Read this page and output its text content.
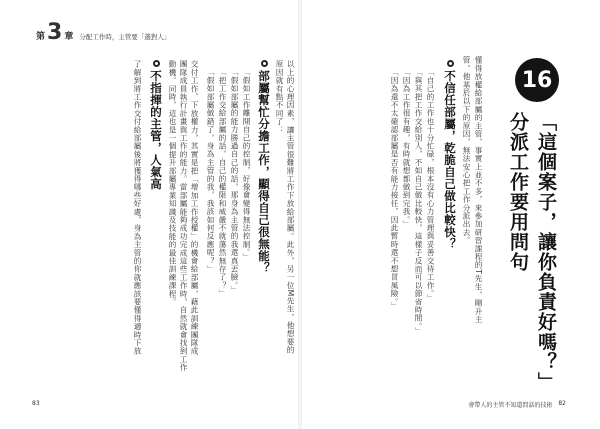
第 3 章 分配工作時，主管要「選對人」
以上的心理因素，讓主管很難將工作下放給部屬。此外，另一位M先生，他想要的
原因就有點不同了：
部屬幫忙分擔工作，顯得自己很無能？
「假如工作離開自己的控制，好像會變得無法控制。」
「假如部屬的能力勝過自己的話，那身為主管的我還真丟臉。」
「把工作交給部屬的話，自己的權限和威嚴不就蕩然無存了？」
「假如部屬做錯了，身為主管的我，我該如何反應呢？」
交付工作、下放權力，其實是把「增加工作授權」的機會給部屬，藉此訓練團隊成
團隊成員執行計畫與工作的能力。當部屬能夠成功完成這些工作時，自然就會找到工作
動機。同時，這也是一個提升部屬專業知識及技能的最佳訓練課程。
不指揮的主管，人氣高
了解到將工作交付給部屬後將獲得哪些好處，身為主管的你就應該要懂得適時下放
83
16
「這個案子，讓你負責好嗎？」
分派工作要用問句
懂得放權給部屬的主管，事實上並不多，來參加研習課程的T先生，剛升主
管，他基於以下的原因，無法安心把工作分派出去。
不信任部屬，乾脆自己做比較快？
「自己的工作也十分忙碌，根本沒有心力管理與妥善交待工作。」
「與其把工作交給別人，不如自己做比較快，這樣子反而可以節省時間。」
「因為工作很有趣，有時就想都做到完我。」
「因為還不太確認部屬是否有能力接任，因此暫時還不想冒風險。」
會帶人的主管不知道問話的技術 82
